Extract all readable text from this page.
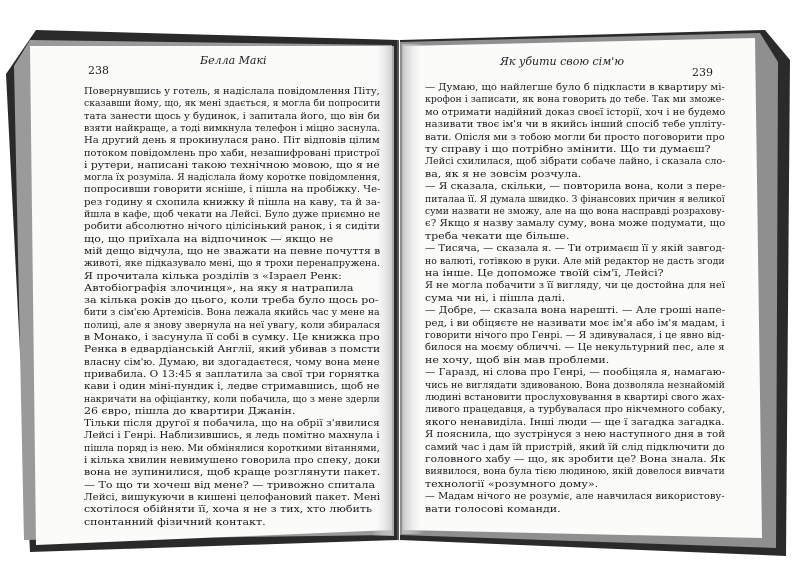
238
Белла Макі
Повернувшись у готель, я надіслала повідомлення Піту,
сказавши йому, що, як мені здається, я могла би попросити
тата занести щось у будинок, і запитала його, що він би
взяти найкраще, а тоді вимкнула телефон і міцно заснула.
На другий день я прокинулася рано. Піт відповів цілим
потоком повідомлень про хаби, незашифровані пристрої
і рутери, написані такою технічною мовою, що я не
могла їх розуміла. Я надіслала йому коротке повідомлення,
попросивши говорити ясніше, і пішла на пробіжку. Че-
рез годину я схопила книжку й пішла на каву, та й за-
йшла в кафе, щоб чекати на Лейсі. Було дуже приємно не
робити абсолютно нічого цілісінький ранок, і я сидіти
що, що приїхала на відпочинок — якщо не
мій дещо відчула, що не зважати на певне почуття в
животі, яке підказувало мені, що я трохи перенапружена.
Я прочитала кілька розділів з «Ізраел Ренк:
Автобіографія злочинця», на яку я натрапила
за кілька років до цього, коли треба було щось ро-
бити з сім'єю Артемісів. Вона лежала якийсь час у мене на
полиці, але я знову звернула на неї увагу, коли збиралася
в Монако, і засунула її собі в сумку. Це книжка про
Ренка в едвардіанській Англії, який убивав з помсти
власну сім'ю. Думаю, ви здогадаєтеся, чому вона мене
привабила. О 13:45 я заплатила за свої три горнятка
кави і один міні-пундик і, ледве стримавшись, щоб не
накричати на офіціантку, коли побачила, що з мене здерли
26 євро, пішла до квартири Джанін.
Тільки після другої я побачила, що на обрії з'явилися
Лейсі і Генрі. Наблизившись, я ледь помітно махнула і
пішла поряд із нею. Ми обмінялися короткими вітаннями,
і кілька хвилин невимушено говорила про спеку, доки
вона не зупинилися, щоб краще розглянути пакет.
— То що ти хочеш від мене? — тривожно спитала
Лейсі, вишукуючи в кишені целофановий пакет. Мені
схотілося обійняти її, хоча я не з тих, хто любить
спонтанний фізичний контакт.
239
Як убити свою сім'ю
— Думаю, що найлегше було б підкласти в квартиру мі-
крофон і записати, як вона говорить до тебе. Так ми зможе-
мо отримати надійний доказ своєї історії, хоч і не будемо
називати твоє ім'я чи в якийсь інший спосіб тебе упліту-
вати. Опісля ми з тобою могли би просто поговорити про
ту справу і що потрібно змінити. Що ти думаєш?
Лейсі схилилася, щоб зібрати собаче лайно, і сказала сло-
ва, як я не зовсім розчула.
— Я сказала, скільки, — повторила вона, коли з пере-
питалаа її. Я думала швидко. З фінансових причин я великої
суми назвати не зможу, але на що вона насправді розрахову-
є? Якщо я назву замалу суму, вона може подумати, що
треба чекати ще більше.
— Тисяча, — сказала я. — Ти отримаєш її у якій завгод-
но валюті, готівкою в руки. Але мій редактор не дасть згоди
на інше. Це допоможе твоїй сім'ї, Лейсі?
Я не могла побачити з її вигляду, чи це достойна для неї
сума чи ні, і пішла далі.
— Добре, — сказала вона нарешті. — Але гроші напе-
ред, і ви обіцяєте не називати моє ім'я або ім'я мадам, і
говорити нічого про Генрі. — Я здивувалася, і це явно від-
билося на моєму обличчі. — Це некультурний пес, але я
не хочу, щоб він мав проблеми.
— Гаразд, ні слова про Генрі, — пообіцяла я, намагаю-
чись не виглядати здивованою. Вона дозволяла незнайомій
людині встановити прослуховування в квартирі свого жах-
ливого працедавця, а турбувалася про нікчемного собаку,
якого ненавиділа. Інші люди — ще ї загадка загадка.
Я пояснила, що зустрінуся з нею наступного дня в той
самий час і дам їй пристрій, який їй слід підключити до
головного хабу — що, як зробити це? Вона знала. Як
виявилося, вона була тією людиною, якій довелося вивчати
технології «розумного дому».
— Мадам нічого не розуміє, але навчилася використову-
вати голосові команди.
